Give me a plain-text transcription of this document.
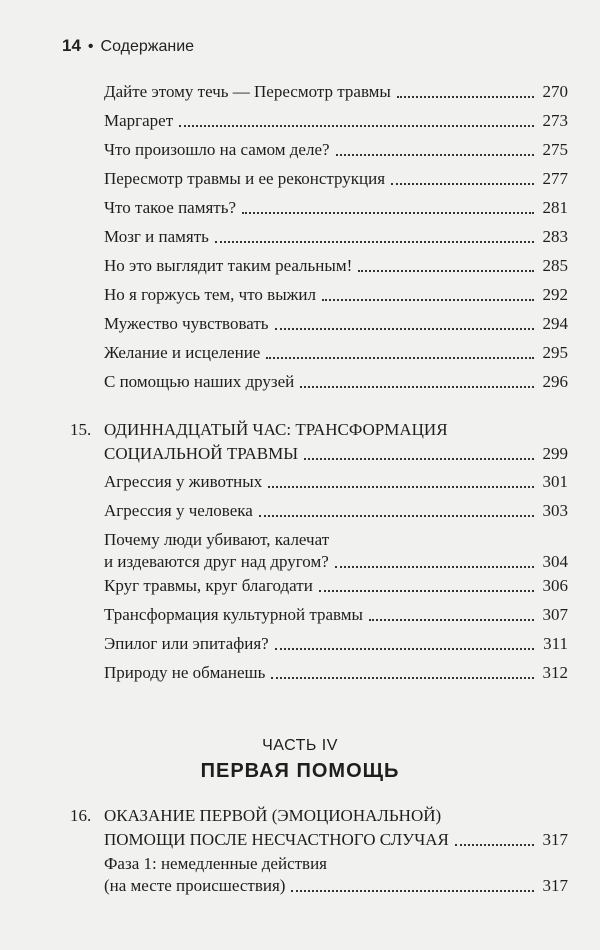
14 • Содержание
Дайте этому течь — Пересмотр травмы	270
Маргарет	273
Что произошло на самом деле?	275
Пересмотр травмы и ее реконструкция	277
Что такое память?	281
Мозг и память	283
Но это выглядит таким реальным!	285
Но я горжусь тем, что выжил	292
Мужество чувствовать	294
Желание и исцеление	295
С помощью наших друзей	296
15. ОДИННАДЦАТЫЙ ЧАС: ТРАНСФОРМАЦИЯ
СОЦИАЛЬНОЙ ТРАВМЫ	299
Агрессия у животных	301
Агрессия у человека	303
Почему люди убивают, калечат
и издеваются друг над другом?	304
Круг травмы, круг благодати	306
Трансформация культурной травмы	307
Эпилог или эпитафия?	311
Природу не обманешь	312
ЧАСТЬ IV
ПЕРВАЯ ПОМОЩЬ
16. ОКАЗАНИЕ ПЕРВОЙ (ЭМОЦИОНАЛЬНОЙ)
ПОМОЩИ ПОСЛЕ НЕСЧАСТНОГО СЛУЧАЯ	317
Фаза 1: немедленные действия
(на месте происшествия)	317
